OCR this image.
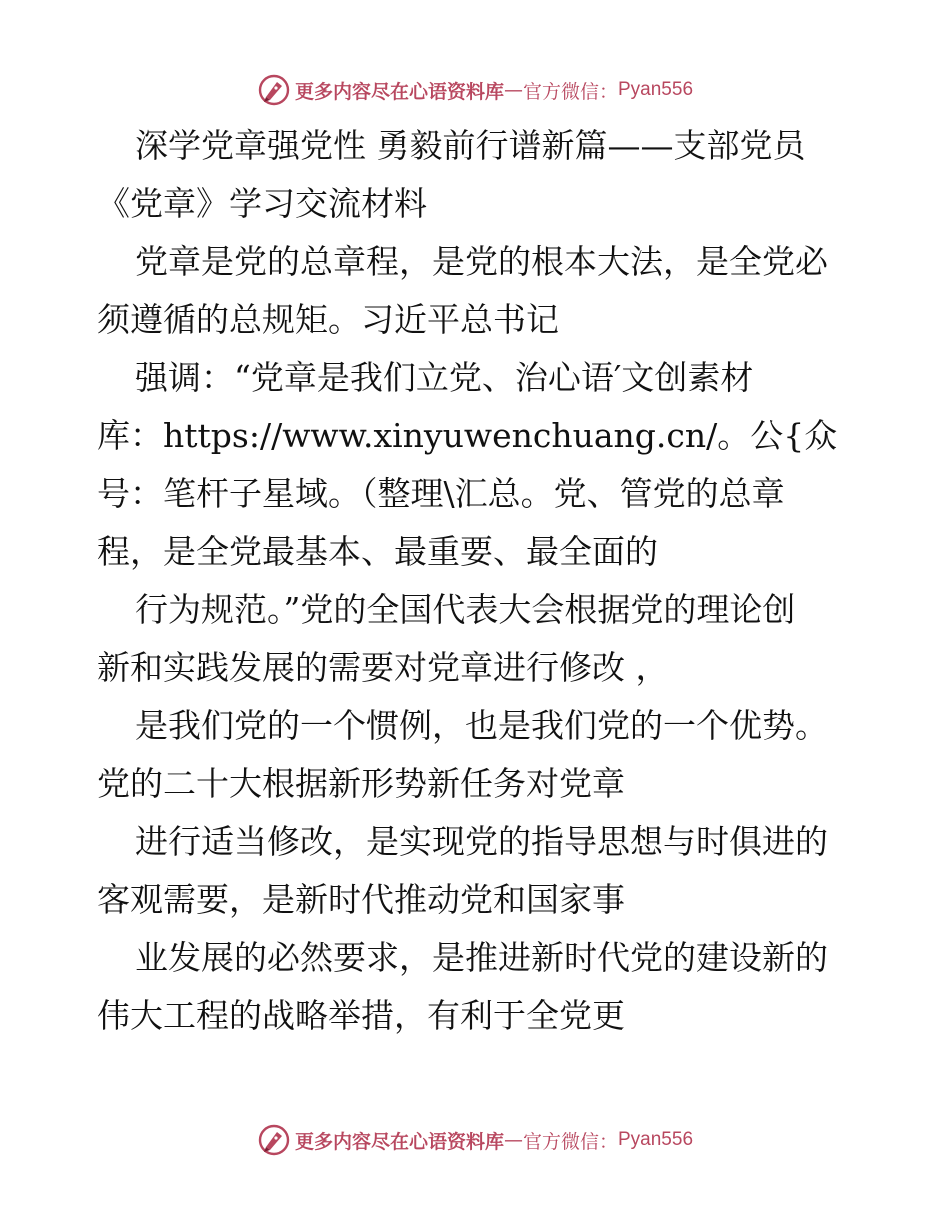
更多内容尽在心语资料库 — 官方微信： Pyan556
深学党章强党性 勇毅前行谱新篇——支部党员
《党章》学习交流材料
党章是党的总章程，是党的根本大法，是全党必
须遵循的总规矩。习近平总书记
强调：“党章是我们立党、治心语′文创素材
库：https://www.xinyuwenchuang.cn/。公{众
号：笔杆子星域。（整理\汇总。党、管党的总章
程，是全党最基本、最重要、最全面的
行为规范。”党的全国代表大会根据党的理论创
新和实践发展的需要对党章进行修改 ，
是我们党的一个惯例，也是我们党的一个优势。
党的二十大根据新形势新任务对党章
进行适当修改，是实现党的指导思想与时俱进的
客观需要，是新时代推动党和国家事
业发展的必然要求，是推进新时代党的建设新的
伟大工程的战略举措，有利于全党更
更多内容尽在心语资料库 — 官方微信： Pyan556
